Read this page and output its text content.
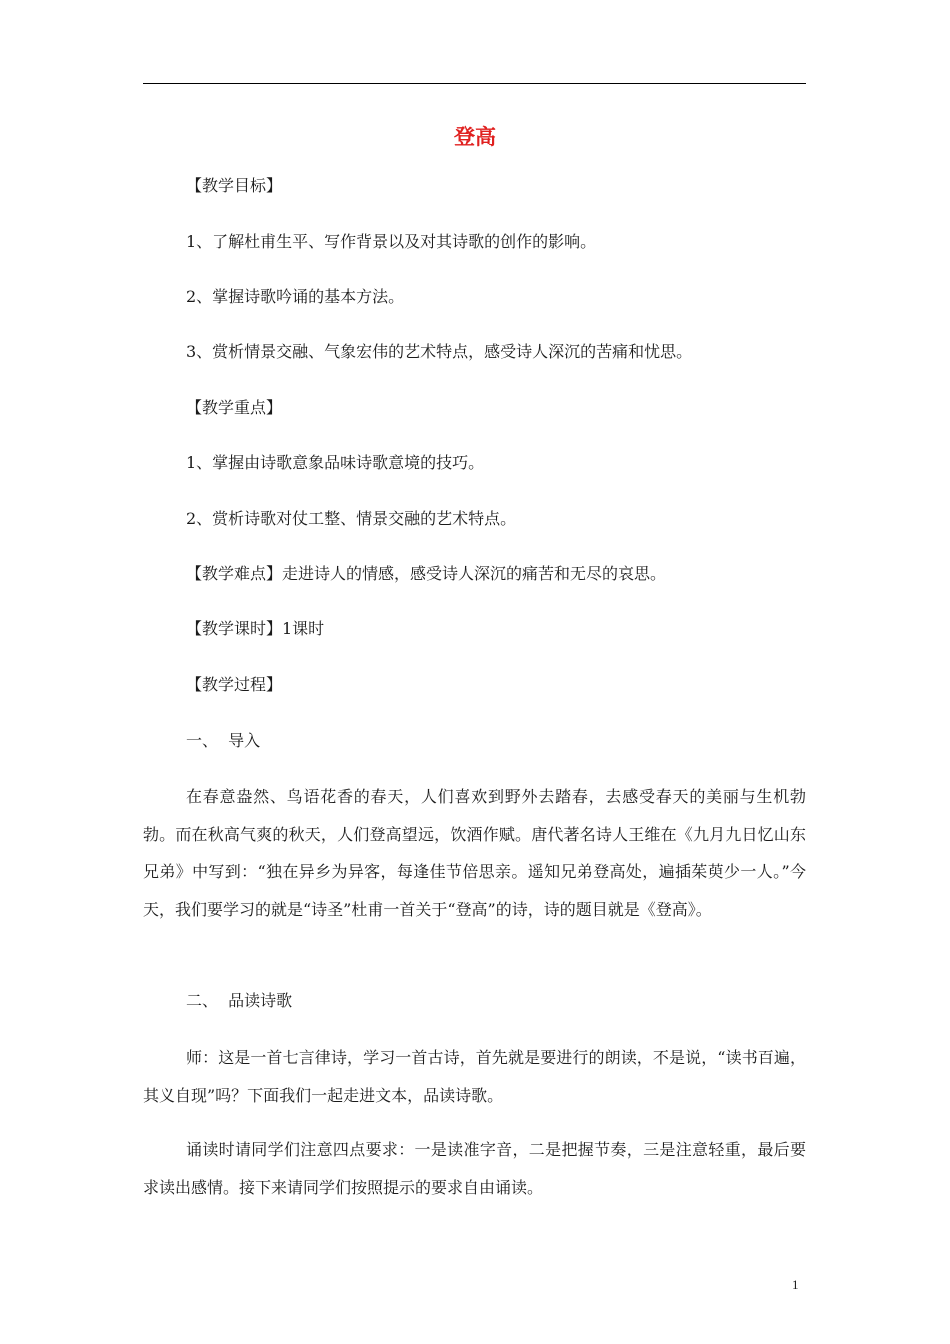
登高
【教学目标】
1、了解杜甫生平、写作背景以及对其诗歌的创作的影响。
2、掌握诗歌吟诵的基本方法。
3、赏析情景交融、气象宏伟的艺术特点，感受诗人深沉的苦痛和忧思。
【教学重点】
1、掌握由诗歌意象品味诗歌意境的技巧。
2、赏析诗歌对仗工整、情景交融的艺术特点。
【教学难点】走进诗人的情感，感受诗人深沉的痛苦和无尽的哀思。
【教学课时】1课时
【教学过程】
一、  导入
在春意盎然、鸟语花香的春天，人们喜欢到野外去踏春，去感受春天的美丽与生机勃勃。而在秋高气爽的秋天，人们登高望远，饮酒作赋。唐代著名诗人王维在《九月九日忆山东兄弟》中写到：“独在异乡为异客，每逢佳节倍思亲。遥知兄弟登高处，遍插茱萸少一人。”今天，我们要学习的就是“诗圣”杜甫一首关于“登高”的诗，诗的题目就是《登高》。
二、  品读诗歌
师：这是一首七言律诗，学习一首古诗，首先就是要进行的朗读，不是说，“读书百遍，其义自现”吗？下面我们一起走进文本，品读诗歌。
诵读时请同学们注意四点要求：一是读准字音，二是把握节奏，三是注意轻重，最后要求读出感情。接下来请同学们按照提示的要求自由诵读。
1
